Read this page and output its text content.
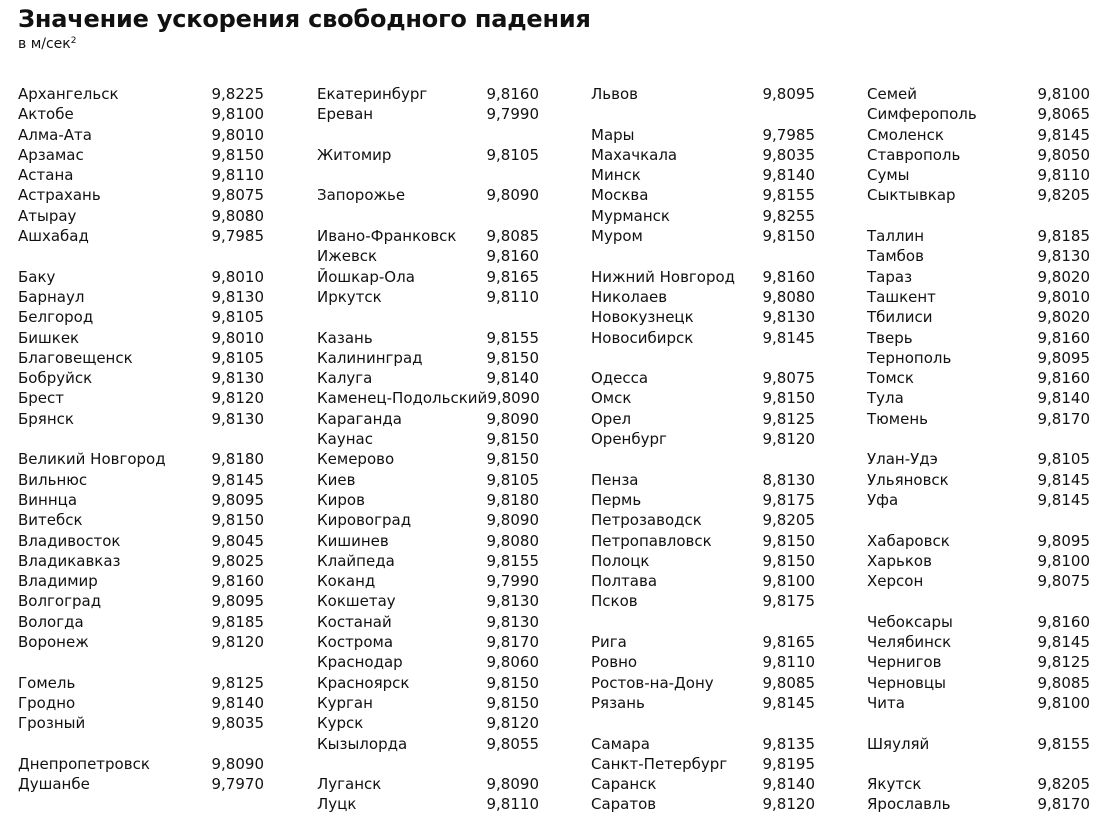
Значение ускорения свободного падения
в м/сек$^2$
Архангельск	9,8225
Актобе	9,8100
Алма-Ата	9,8010
Арзамас	9,8150
Астана	9,8110
Астрахань	9,8075
Атырау	9,8080
Ашхабад	9,7985
Баку	9,8010
Барнаул	9,8130
Белгород	9,8105
Бишкек	9,8010
Благовещенск	9,8105
Бобруйск	9,8130
Брест	9,8120
Брянск	9,8130
Великий Новгород	9,8180
Вильнюс	9,8145
Виннца	9,8095
Витебск	9,8150
Владивосток	9,8045
Владикавказ	9,8025
Владимир	9,8160
Волгоград	9,8095
Вологда	9,8185
Воронеж	9,8120
Гомель	9,8125
Гродно	9,8140
Грозный	9,8035
Днепропетровск	9,8090
Душанбе	9,7970
Екатеринбург	9,8160
Ереван	9,7990
Житомир	9,8105
Запорожье	9,8090
Ивано-Франковск 9,8085
Ижевск	9,8160
Йошкар-Ола	9,8165
Иркутск	9,8110
Казань	9,8155
Калининград	9,8150
Калуга	9,8140
Каменец-Подольский 9,8090
Караганда	9,8090
Каунас	9,8150
Кемерово	9,8150
Киев	9,8105
Киров	9,8180
Кировоград	9,8090
Кишинев	9,8080
Клайпеда	9,8155
Коканд	9,7990
Кокшетау	9,8130
Костанай	9,8130
Кострома	9,8170
Краснодар	9,8060
Красноярск	9,8150
Курган	9,8150
Курск	9,8120
Кызылорда	9,8055
Луганск	9,8090
Луцк	9,8110
Львов	9,8095
Мары	9,7985
Махачкала	9,8035
Минск	9,8140
Москва	9,8155
Мурманск	9,8255
Муром	9,8150
Нижний Новгород 9,8160
Николаев	9,8080
Новокузнецк	9,8130
Новосибирск	9,8145
Одесса	9,8075
Омск	9,8150
Орел	9,8125
Оренбург	9,8120
Пенза	8,8130
Пермь	9,8175
Петрозаводск	9,8205
Петропавловск	9,8150
Полоцк	9,8150
Полтава	9,8100
Псков	9,8175
Рига	9,8165
Ровно	9,8110
Ростов-на-Дону	9,8085
Рязань	9,8145
Самара	9,8135
Санкт-Петербург 9,8195
Саранск	9,8140
Саратов	9,8120
Семей	9,8100
Симферополь	9,8065
Смоленск	9,8145
Ставрополь	9,8050
Сумы	9,8110
Сыктывкар	9,8205
Таллин	9,8185
Тамбов	9,8130
Тараз	9,8020
Ташкент	9,8010
Тбилиси	9,8020
Тверь	9,8160
Тернополь	9,8095
Томск	9,8160
Тула	9,8140
Тюмень	9,8170
Улан-Удэ	9,8105
Ульяновск	9,8145
Уфа	9,8145
Хабаровск	9,8095
Харьков	9,8100
Херсон	9,8075
Чебоксары	9,8160
Челябинск	9,8145
Чернигов	9,8125
Черновцы	9,8085
Чита	9,8100
Шяуляй	9,8155
Якутск	9,8205
Ярославль	9,8170
